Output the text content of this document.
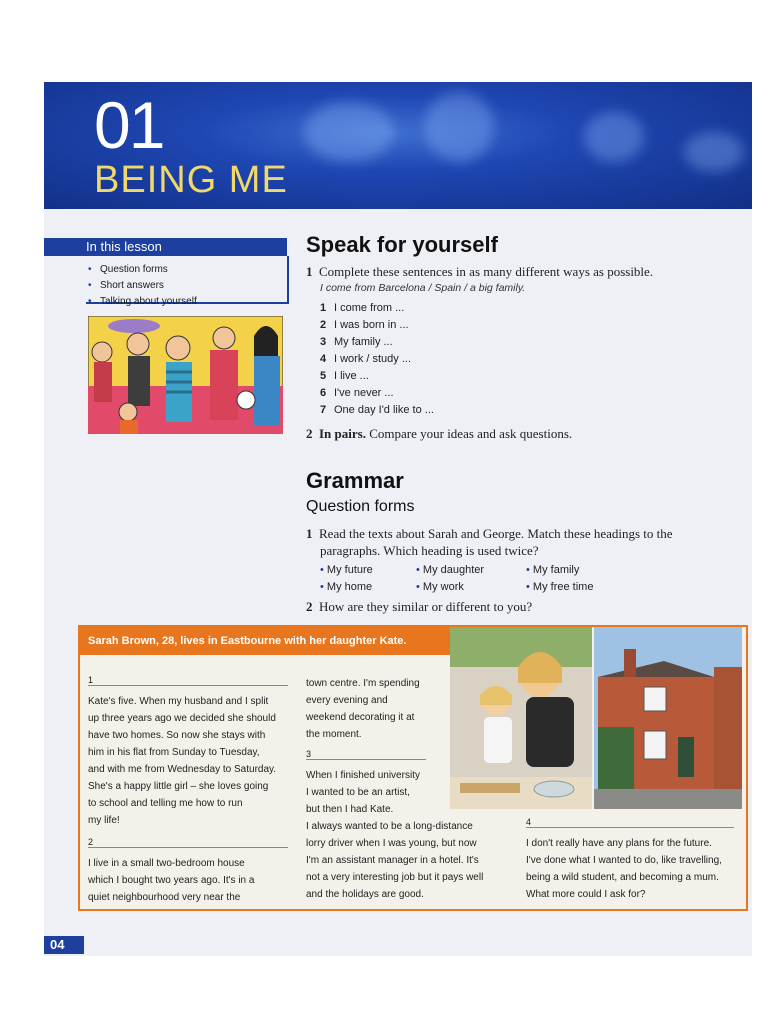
01
BEING ME
In this lesson
• Question forms
• Short answers
• Talking about yourself
Speak for yourself
1 Complete these sentences in as many different ways as possible.
I come from Barcelona / Spain / a big family.
1 I come from ...
2 I was born in ...
3 My family ...
4 I work / study ...
5 I live ...
6 I've never ...
7 One day I'd like to ...
2 In pairs. Compare your ideas and ask questions.
Grammar
Question forms
1 Read the texts about Sarah and George. Match these headings to the
paragraphs. Which heading is used twice?
• My future	• My daughter	• My family
• My home	• My work	• My free time
2 How are they similar or different to you?
Sarah Brown, 28, lives in Eastbourne with her daughter Kate.
1
Kate's five. When my husband and I split
up three years ago we decided she should
have two homes. So now she stays with
him in his flat from Sunday to Tuesday,
and with me from Wednesday to Saturday.
She's a happy little girl – she loves going
to school and telling me how to run
my life!
2
I live in a small two-bedroom house
which I bought two years ago. It's in a
quiet neighbourhood very near the
town centre. I'm spending
every evening and
weekend decorating it at
the moment.
3
When I finished university
I wanted to be an artist,
but then I had Kate.
I always wanted to be a long-distance
lorry driver when I was young, but now
I'm an assistant manager in a hotel. It's
not a very interesting job but it pays well
and the holidays are good.
4
I don't really have any plans for the future.
I've done what I wanted to do, like travelling,
being a wild student, and becoming a mum.
What more could I ask for?
04
